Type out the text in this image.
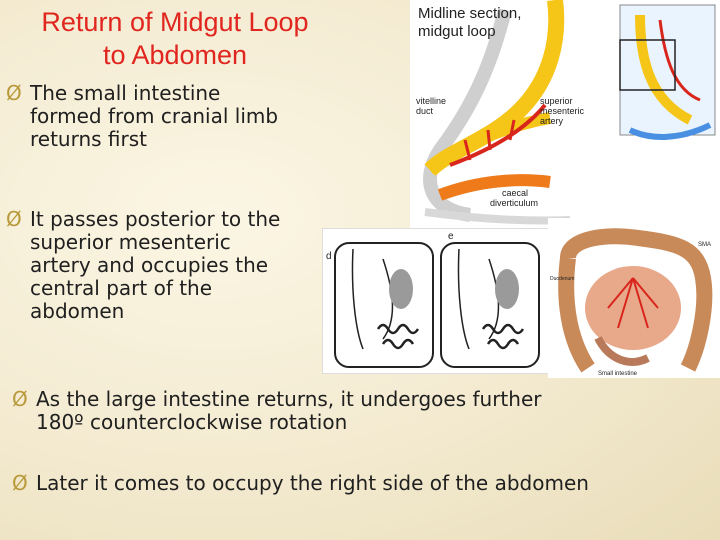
Return of Midgut Loop
to Abdomen
Ø The small intestine
formed from cranial limb
returns first
Ø It passes posterior to the
superior mesenteric
artery and occupies the
central part of the
abdomen
Ø As the large intestine returns, it undergoes further
180º counterclockwise rotation
Ø Later it comes to occupy the right side of the abdomen
Midline section,
midgut loop
vitelline
duct
superior
mesenteric
artery
caecal
diverticulum
d
e
SMA
Duodenum
Small intestine
